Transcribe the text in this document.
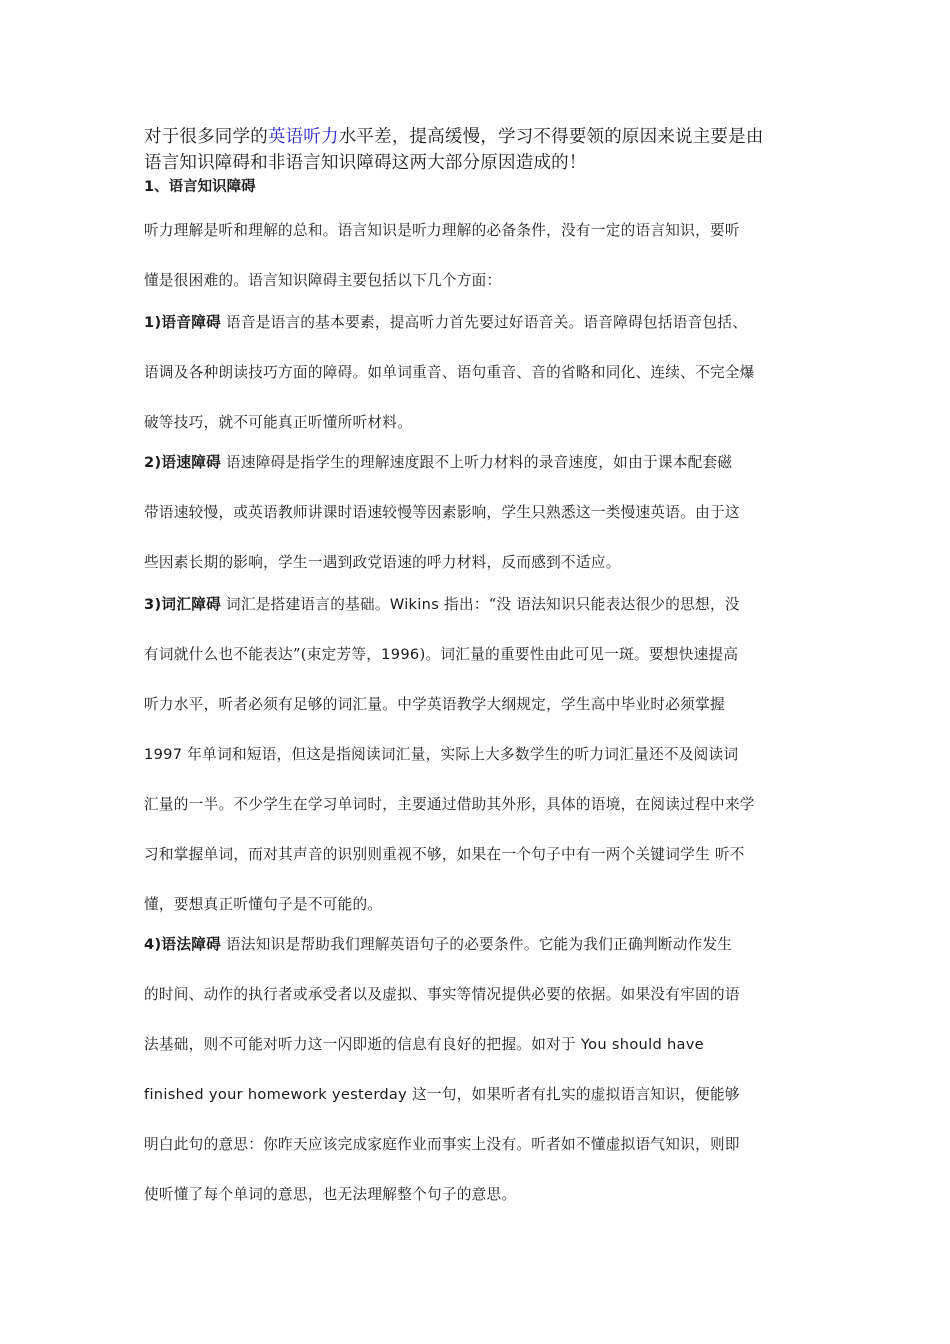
对于很多同学的英语听力水平差，提高缓慢，学习不得要领的原因来说主要是由
语言知识障碍和非语言知识障碍这两大部分原因造成的！
1、语言知识障碍
听力理解是听和理解的总和。语言知识是听力理解的必备条件，没有一定的语言知识，要听
懂是很困难的。语言知识障碍主要包括以下几个方面：
1)语音障碍 语音是语言的基本要素，提高听力首先要过好语音关。语音障碍包括语音包括、
语调及各种朗读技巧方面的障碍。如单词重音、语句重音、音的省略和同化、连续、不完全爆
破等技巧，就不可能真正听懂所听材料。
2)语速障碍 语速障碍是指学生的理解速度跟不上听力材料的录音速度，如由于课本配套磁
带语速较慢，或英语教师讲课时语速较慢等因素影响，学生只熟悉这一类慢速英语。由于这
些因素长期的影响，学生一遇到政党语速的呼力材料，反而感到不适应。
3)词汇障碍 词汇是搭建语言的基础。Wikins 指出：“没 语法知识只能表达很少的思想，没
有词就什么也不能表达”(束定芳等，1996)。词汇量的重要性由此可见一斑。要想快速提高
听力水平，听者必须有足够的词汇量。中学英语教学大纲规定，学生高中毕业时必须掌握
1997 年单词和短语，但这是指阅读词汇量，实际上大多数学生的听力词汇量还不及阅读词
汇量的一半。不少学生在学习单词时，主要通过借助其外形，具体的语境，在阅读过程中来学
习和掌握单词，而对其声音的识别则重视不够，如果在一个句子中有一两个关键词学生 听不
懂，要想真正听懂句子是不可能的。
4)语法障碍 语法知识是帮助我们理解英语句子的必要条件。它能为我们正确判断动作发生
的时间、动作的执行者或承受者以及虚拟、事实等情况提供必要的依据。如果没有牢固的语
法基础，则不可能对听力这一闪即逝的信息有良好的把握。如对于 You should have
finished your homework yesterday 这一句，如果听者有扎实的虚拟语言知识，便能够
明白此句的意思：你昨天应该完成家庭作业而事实上没有。听者如不懂虚拟语气知识，则即
使听懂了每个单词的意思，也无法理解整个句子的意思。
